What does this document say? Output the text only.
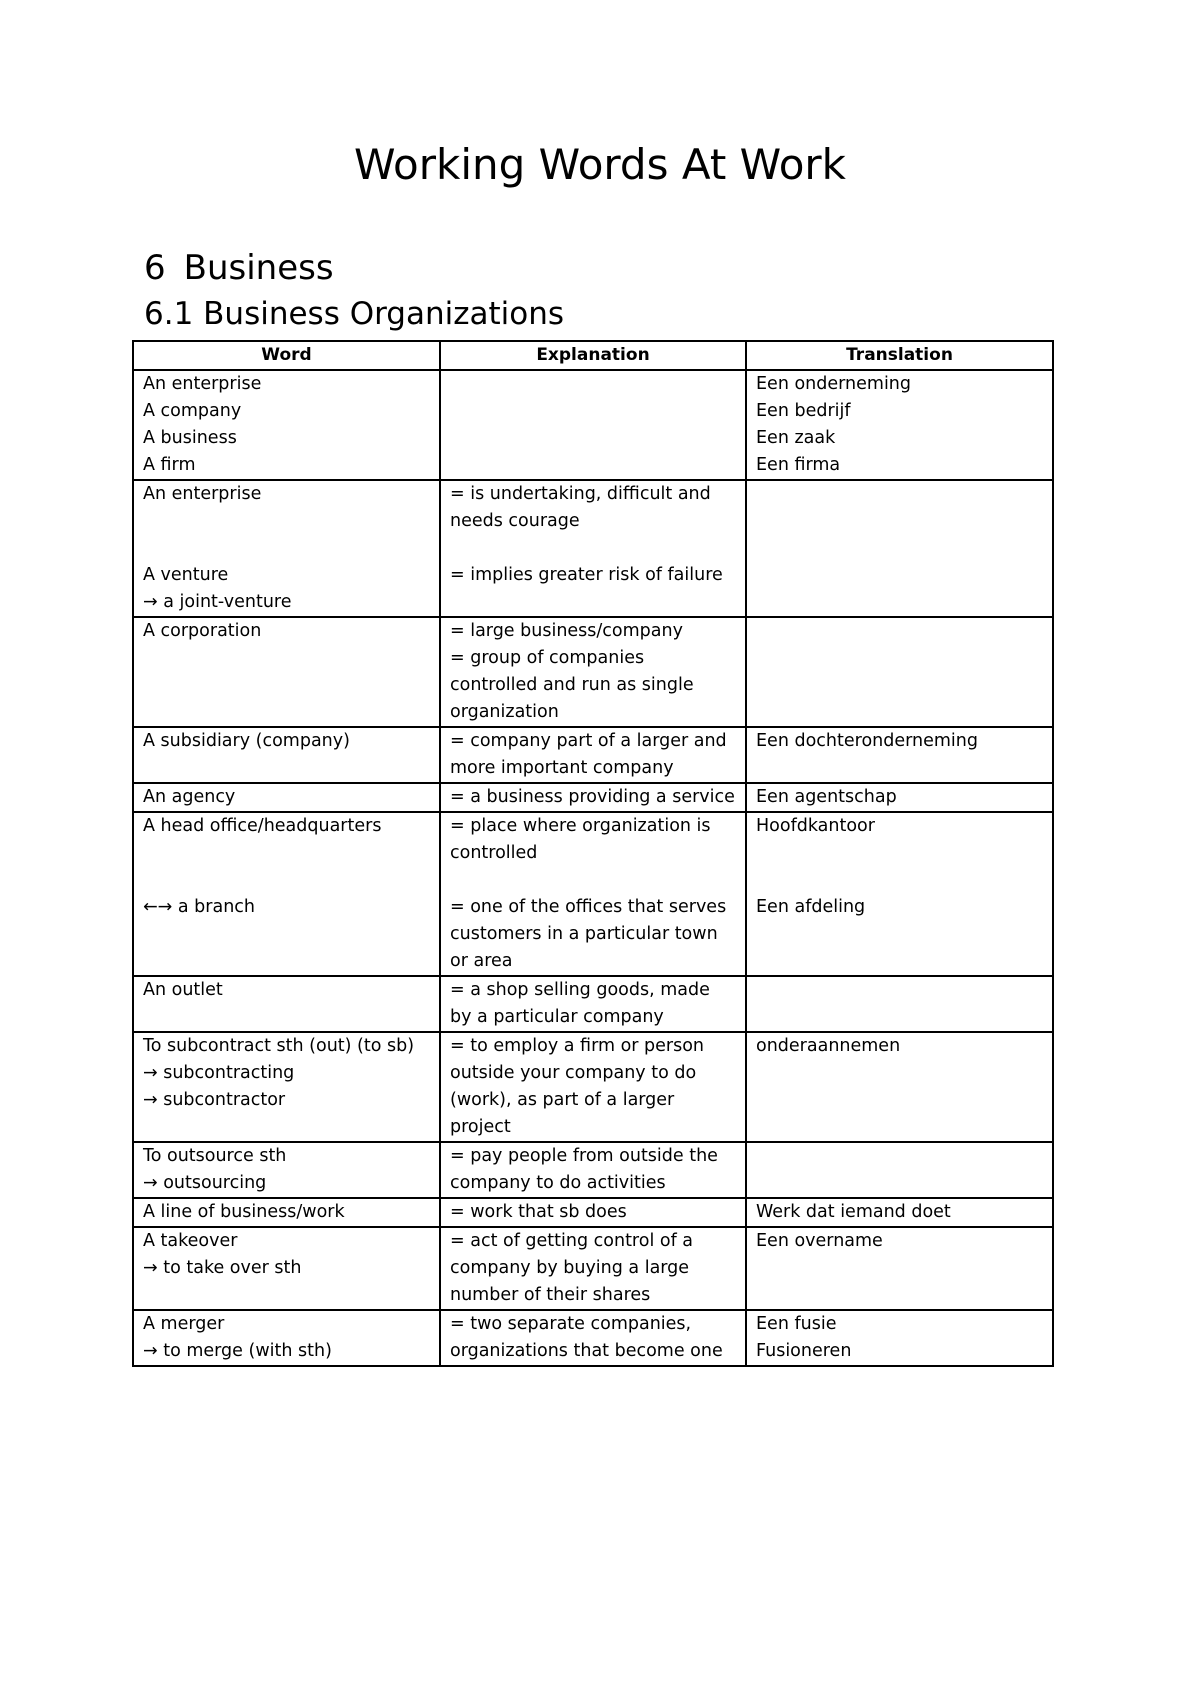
Working Words At Work
6 Business
6.1 Business Organizations
Word	Explanation	Translation

An enterprise
A company
A business
A firm		Een onderneming
Een bedrijf
Een zaak
Een firma

An enterprise
A venture
→ a joint-venture	= is undertaking, difficult and
needs courage
= implies greater risk of failure	

A corporation	= large business/company
= group of companies
controlled and run as single
organization	

A subsidiary (company)	= company part of a larger and
more important company	Een dochteronderneming

An agency	= a business providing a service	Een agentschap

A head office/headquarters
←→ a branch	= place where organization is
controlled
= one of the offices that serves
customers in a particular town
or area	Hoofdkantoor
Een afdeling

An outlet	= a shop selling goods, made
by a particular company	

To subcontract sth (out) (to sb)
→ subcontracting
→ subcontractor	= to employ a firm or person
outside your company to do
(work), as part of a larger
project	onderaannemen

To outsource sth
→ outsourcing	= pay people from outside the
company to do activities	

A line of business/work	= work that sb does	Werk dat iemand doet

A takeover
→ to take over sth	= act of getting control of a
company by buying a large
number of their shares	Een overname

A merger
→ to merge (with sth)	= two separate companies,
organizations that become one	Een fusie
Fusioneren
